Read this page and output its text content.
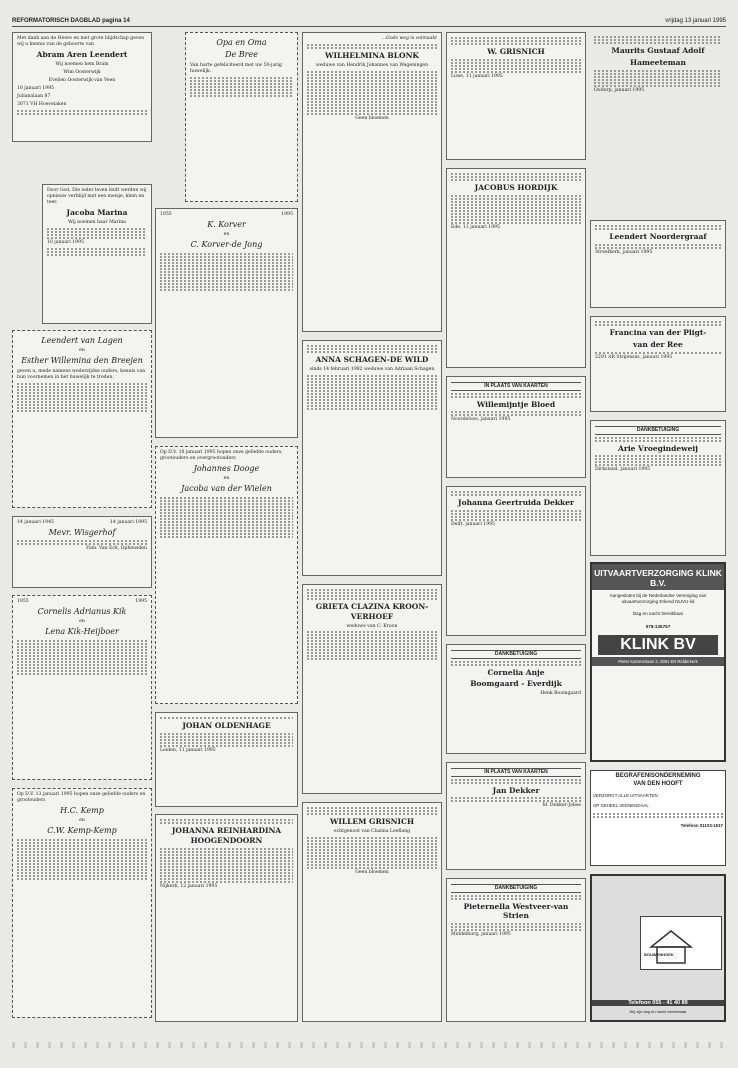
REFORMATORISCH DAGBLAD pagina 14	vrijdag 13 januari 1995

Met dank aan de Heere en met grote blijdschap geven wij u kennis van de geboorte van

Abram Aren Leendert

Wij noemen hem Bram

Wim Oosterwijk

Evelien Oosterwijk-van Veen

10 januari 1995

Julianalaan 87

3071 VH Hoevelaken

Door God, Die ieder leven leidt werden wij opnieuw verblijd met een meisje, klein en teer.

Jacoba Marina

Wij noemen haar Marina

10 januari 1995

Leendert van Lagen

en

Esther Willemina den Breejen

geven u, mede namens wederzijdse ouders, kennis van hun voornemen in het huwelijk te treden.

14 januari 1945	14 januari 1995
Mevr. Wisgerhof

Fam. Van Eck, Opheusden

1955	1995
Cornelis Adrianus Kik

en

Lena Kik-Heijboer

Op D.V. 13 januari 1995 hopen onze geliefde ouders en grootouders

H.C. Kemp

en

C.W. Kemp-Kemp
Opa en Oma
De Bree

Van harte gefeliciteerd met uw 50-jarig huwelijk.

1955	1995
K. Korver

en

C. Korver-de Jong

Op D.V. 18 januari 1995 hopen onze geliefde ouders, grootouders en overgrootouders

Johannes Dooge

en

Jacoba van der Wielen
JOHAN OLDENHAGE

Leiden, 11 januari 1995

JOHANNA REINHARDINA HOOGENDOORN

Nijkerk, 12 januari 1995

...Gods weg is volmaakt

WILHELMINA BLONK

weduwe van Hendrik Johannes van Wageningen

Geen bloemen

ANNA SCHAGEN-DE WILD

sinds 14 februari 1982 weduwe van Adriaan Schagen

GRIETA CLAZINA KROON-VERHOEF

weduwe van C. Kroon

WILLEM GRISNICH

echtgenoot van Clazina Leeflang

Geen bloemen

W. GRISNICH

Lisse, 11 januari 1995

JACOBUS HORDIJK

Ede, 11 januari 1995

IN PLAATS VAN KAARTEN
Willemijntje Bloed

Noordeloos, januari 1995

Johanna Geertruida Dekker

Delft, januari 1995

DANKBETUIGING
Cornelia Anje
Boomgaard - Everdijk

Henk Boomgaard

IN PLAATS VAN KAARTEN
Jan Dekker

M. Dekker-Jobse

DANKBETUIGING
Pieternella Westveer-van Strien

Middelburg, januari 1995

Maurits Gustaaf Adolf
Hameeteman

Oudorp, januari 1995

Leendert Noordergraaf

Streefkerk, januari 1995

Francina van der Pligt-
van der Ree

2291 AR Strijensas, januari 1995

DANKBETUIGING
Arie Vroegindeweij

Dirksland, januari 1995

UITVAARTVERZORGING KLINK B.V.
Aangesloten bij de Nederlandse Vereniging van uitvaartverzorging Erkend NUVU-lid
Dag en nacht bereikbaar
078-135757
KLINK BV
Pieter Kammerlaan 2, 2981 EN Ridderkerk
BEGRAFENISONDERNEMING
VAN DEN HOOFT

VERZORGT ALLE UITVAARTEN

OP GEHEEL VEENENDAAL

Telefoon 01103-1517

BOUWENHOEK
Telefoon 055 - 41 40 89
Wij zijn dag en nacht bereikbaar
